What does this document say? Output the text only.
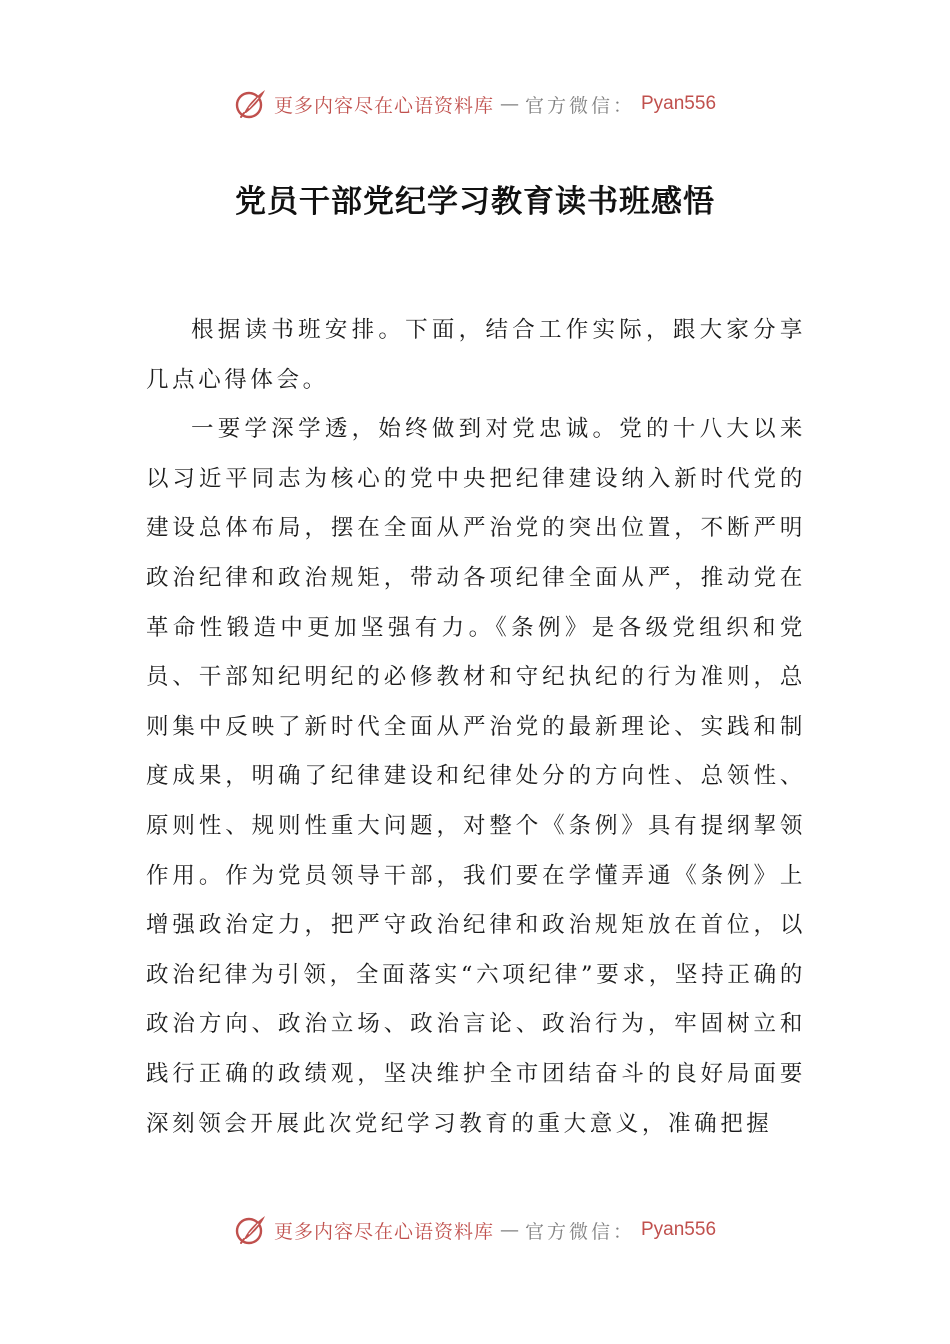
更多内容尽在心语资料库 — 官方微信： Pyan556
党员干部党纪学习教育读书班感悟

根据读书班安排。下面，结合工作实际，跟大家分享几点心得体会。

一要学深学透，始终做到对党忠诚。党的十八大以来以习近平同志为核心的党中央把纪律建设纳入新时代党的建设总体布局，摆在全面从严治党的突出位置，不断严明政治纪律和政治规矩，带动各项纪律全面从严，推动党在革命性锻造中更加坚强有力。《条例》是各级党组织和党员、干部知纪明纪的必修教材和守纪执纪的行为准则，总则集中反映了新时代全面从严治党的最新理论、实践和制度成果，明确了纪律建设和纪律处分的方向性、总领性、原则性、规则性重大问题，对整个《条例》具有提纲挈领作用。作为党员领导干部，我们要在学懂弄通《条例》上增强政治定力，把严守政治纪律和政治规矩放在首位，以政治纪律为引领，全面落实“六项纪律”要求，坚持正确的政治方向、政治立场、政治言论、政治行为，牢固树立和践行正确的政绩观，坚决维护全市团结奋斗的良好局面要深刻领会开展此次党纪学习教育的重大意义，准确把握

更多内容尽在心语资料库 — 官方微信： Pyan556
